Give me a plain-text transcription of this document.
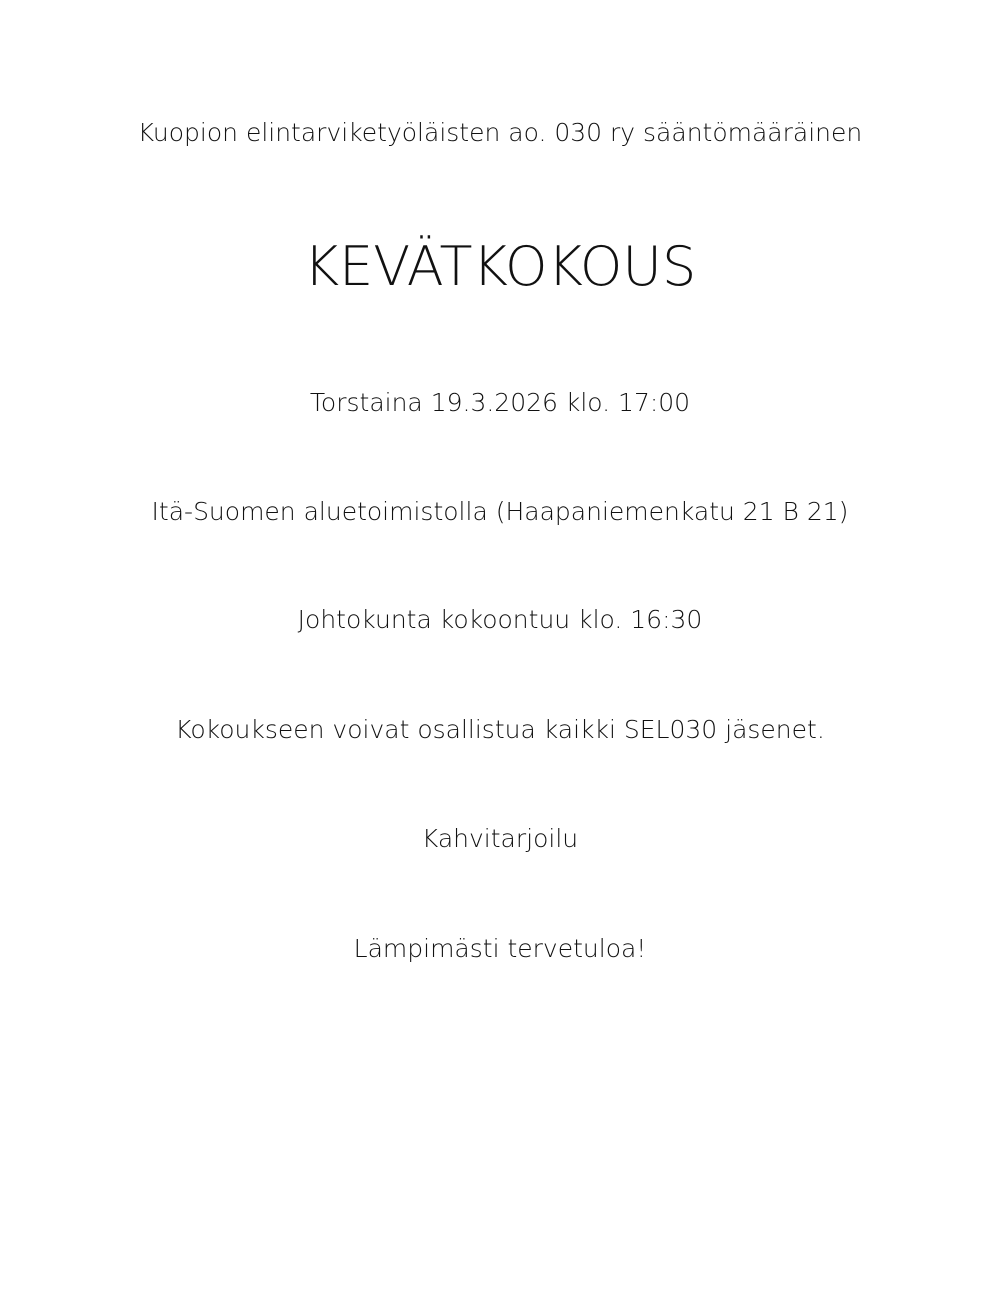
Kuopion elintarviketyöläisten ao. 030 ry sääntömääräinen
KEVÄTKOKOUS
Torstaina 19.3.2026 klo. 17:00
Itä-Suomen aluetoimistolla (Haapaniemenkatu 21 B 21)
Johtokunta kokoontuu klo. 16:30
Kokoukseen voivat osallistua kaikki SEL030 jäsenet.
Kahvitarjoilu
Lämpimästi tervetuloa!
